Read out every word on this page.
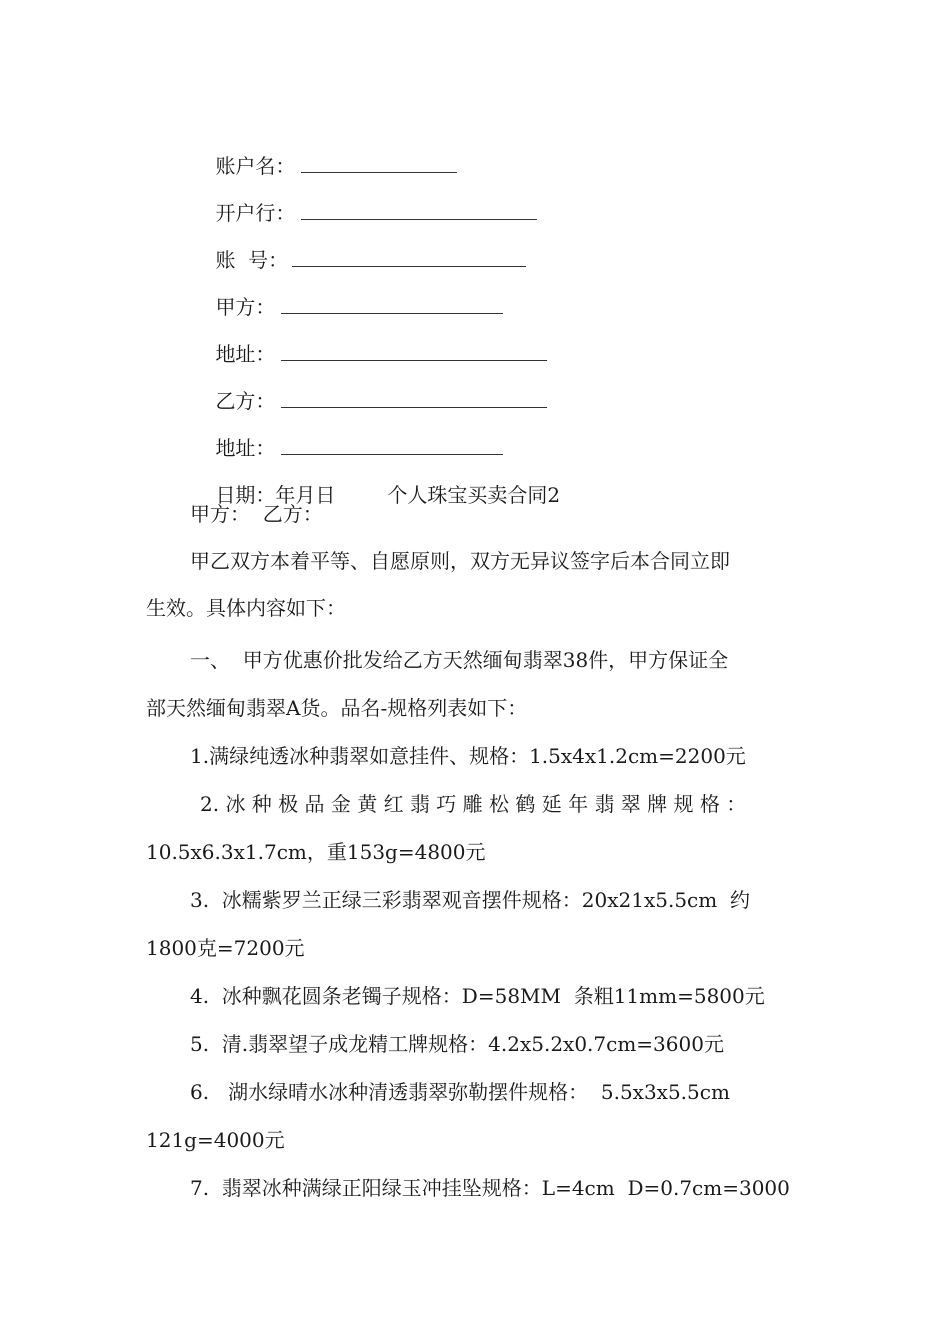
账户名：

开户行：

账  号：

甲方：

地址：

乙方：

地址：

日期：年月日	个人珠宝买卖合同2

甲方：  乙方：
甲乙双方本着平等、自愿原则，双方无异议签字后本合同立即
生效。具体内容如下：
一、  甲方优惠价批发给乙方天然缅甸翡翠38件，甲方保证全
部天然缅甸翡翠A货。品名-规格列表如下：
1.满绿纯透冰种翡翠如意挂件、规格：1.5x4x1.2cm=2200元
2. 冰 种 极 品 金 黄 红 翡 巧 雕 松 鹤 延 年 翡 翠 牌 规 格 ：
10.5x6.3x1.7cm，重153g=4800元
3.  冰糯紫罗兰正绿三彩翡翠观音摆件规格：20x21x5.5cm  约
1800克=7200元
4.  冰种飘花圆条老镯子规格：D=58MM  条粗11mm=5800元
5.  清.翡翠望子成龙精工牌规格：4.2x5.2x0.7cm=3600元
6.   湖水绿晴水冰种清透翡翠弥勒摆件规格：  5.5x3x5.5cm
121g=4000元
7.  翡翠冰种满绿正阳绿玉冲挂坠规格：L=4cm  D=0.7cm=3000
